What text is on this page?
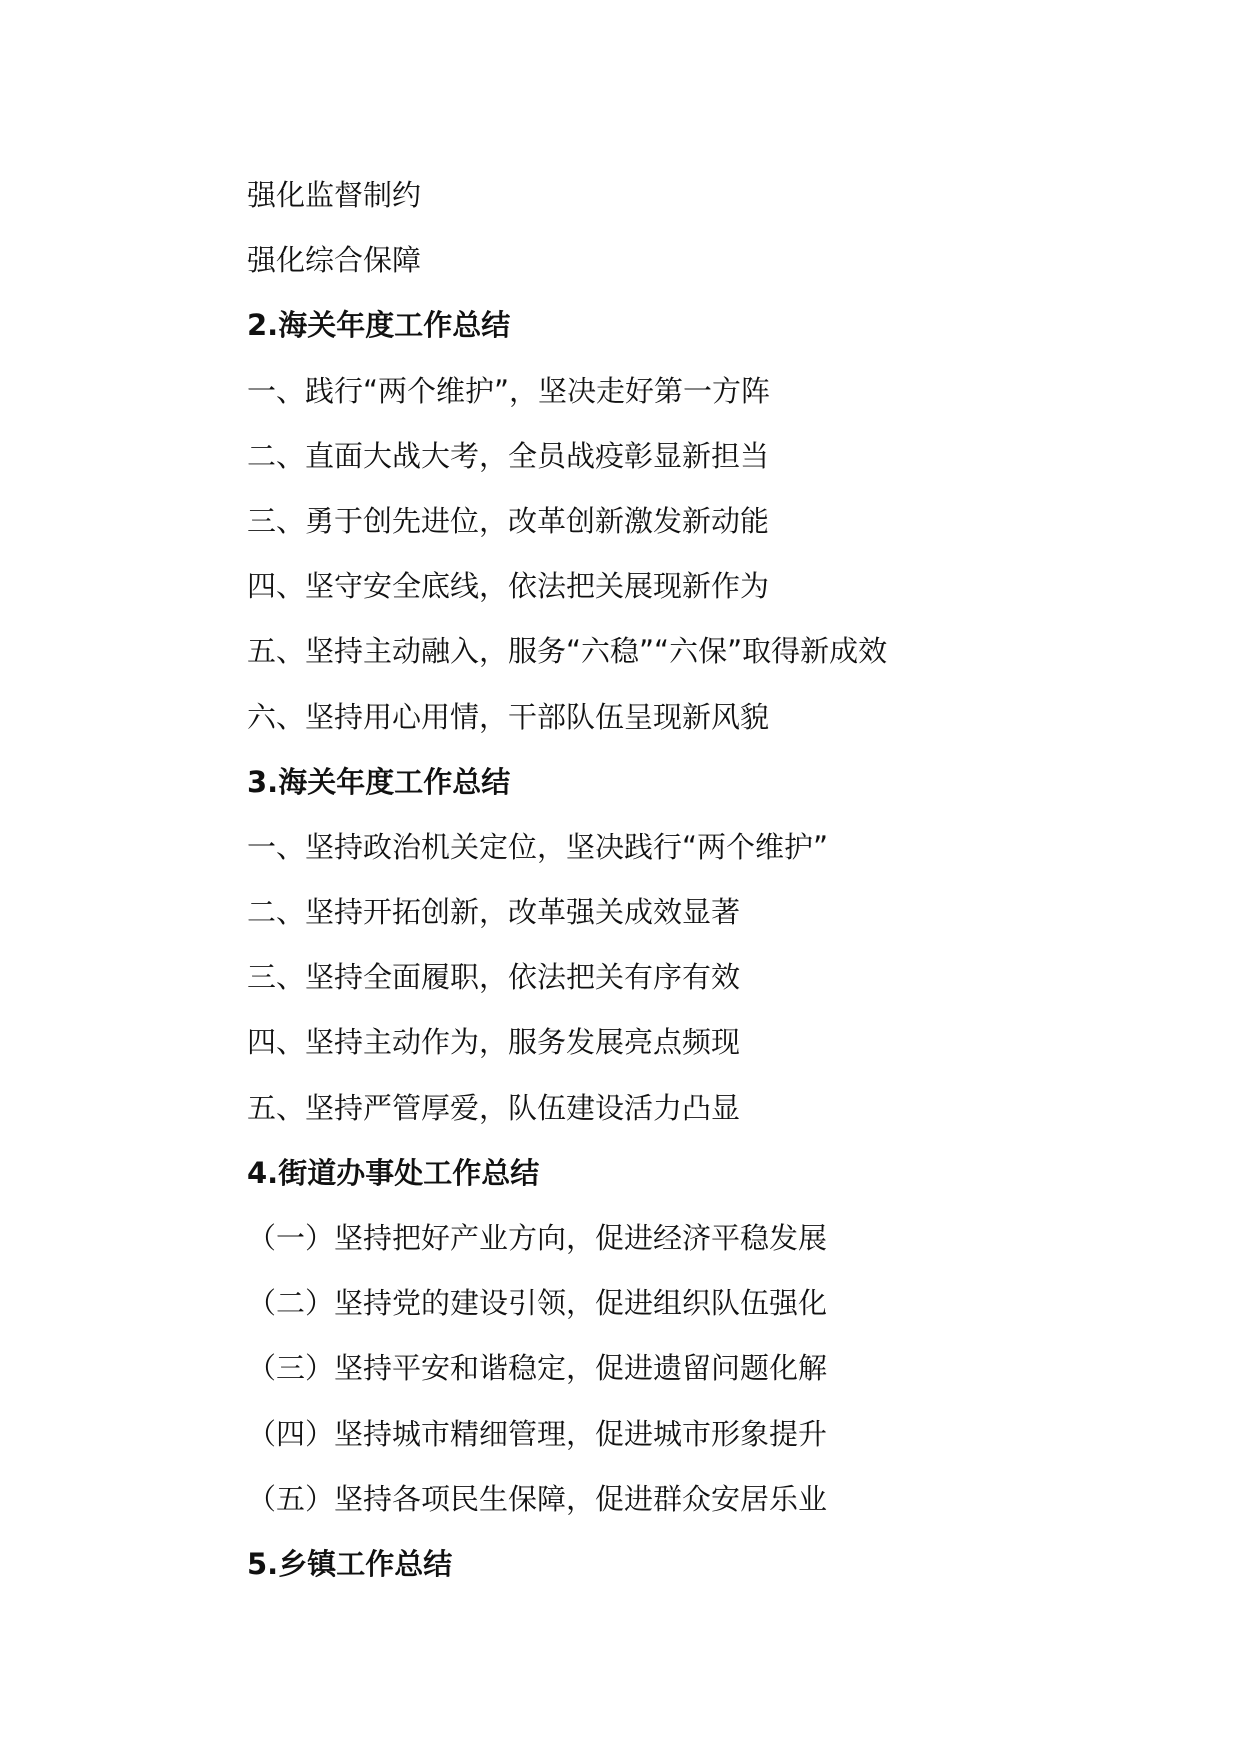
强化监督制约
强化综合保障
2.海关年度工作总结
一、践行“两个维护”，坚决走好第一方阵
二、直面大战大考，全员战疫彰显新担当
三、勇于创先进位，改革创新激发新动能
四、坚守安全底线，依法把关展现新作为
五、坚持主动融入，服务“六稳”“六保”取得新成效
六、坚持用心用情，干部队伍呈现新风貌
3.海关年度工作总结
一、坚持政治机关定位，坚决践行“两个维护”
二、坚持开拓创新，改革强关成效显著
三、坚持全面履职，依法把关有序有效
四、坚持主动作为，服务发展亮点频现
五、坚持严管厚爱，队伍建设活力凸显
4.街道办事处工作总结
（一）坚持把好产业方向，促进经济平稳发展
（二）坚持党的建设引领，促进组织队伍强化
（三）坚持平安和谐稳定，促进遗留问题化解
（四）坚持城市精细管理，促进城市形象提升
（五）坚持各项民生保障，促进群众安居乐业
5.乡镇工作总结
